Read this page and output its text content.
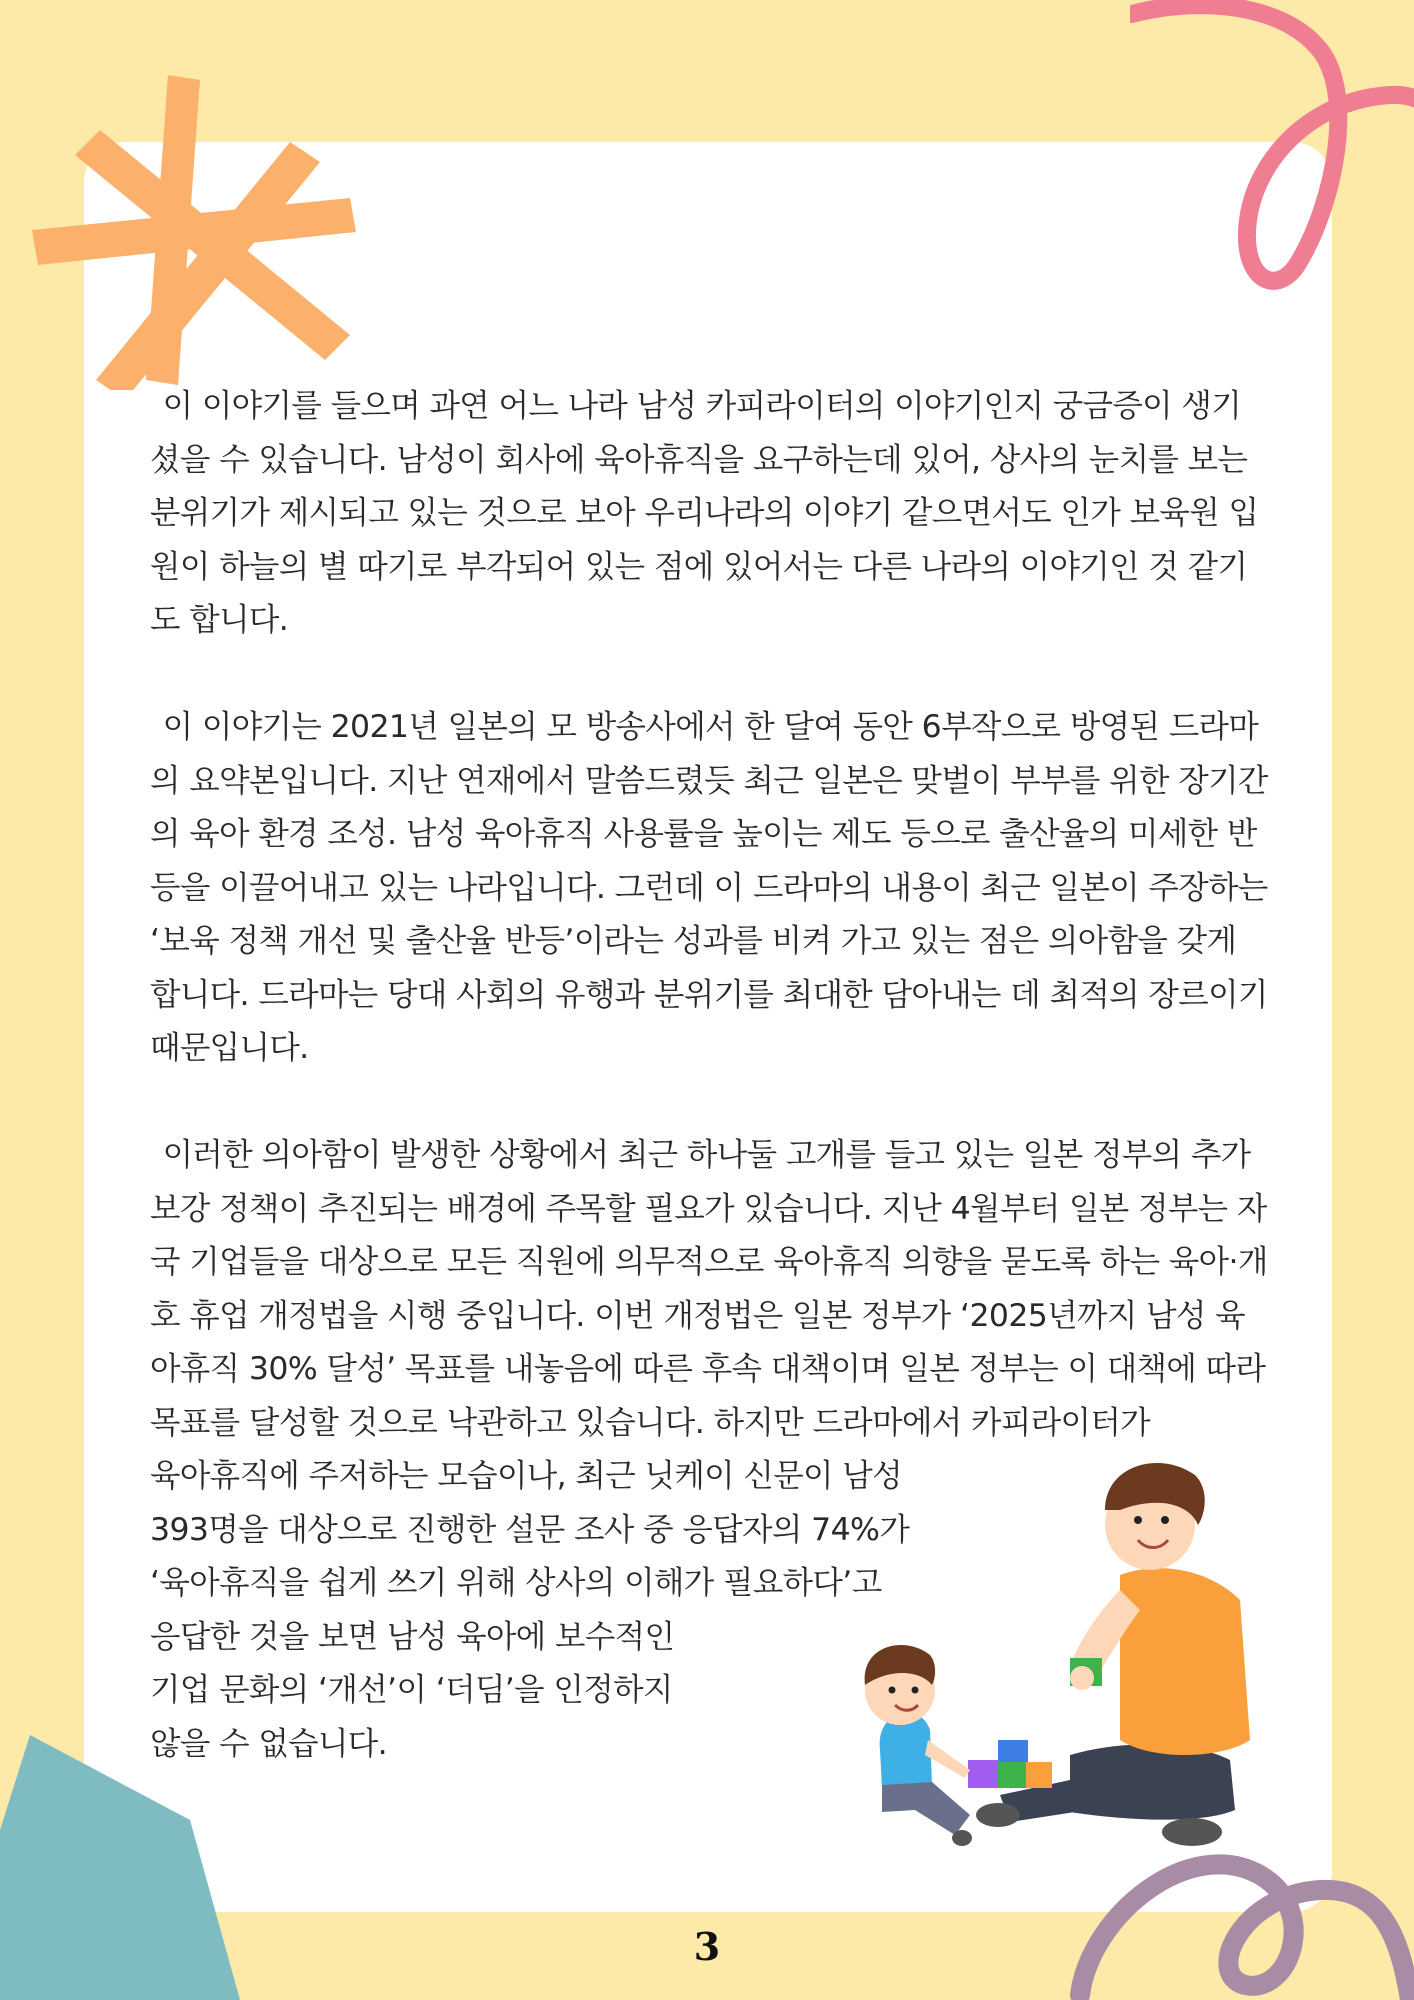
이 이야기를 들으며 과연 어느 나라 남성 카피라이터의 이야기인지 궁금증이 생기셨을 수 있습니다. 남성이 회사에 육아휴직을 요구하는데 있어, 상사의 눈치를 보는 분위기가 제시되고 있는 것으로 보아 우리나라의 이야기 같으면서도 인가 보육원 입원이 하늘의 별 따기로 부각되어 있는 점에 있어서는 다른 나라의 이야기인 것 같기도 합니다.

이 이야기는 2021년 일본의 모 방송사에서 한 달여 동안 6부작으로 방영된 드라마의 요약본입니다. 지난 연재에서 말씀드렸듯 최근 일본은 맞벌이 부부를 위한 장기간의 육아 환경 조성. 남성 육아휴직 사용률을 높이는 제도 등으로 출산율의 미세한 반등을 이끌어내고 있는 나라입니다. 그런데 이 드라마의 내용이 최근 일본이 주장하는 ‘보육 정책 개선 및 출산율 반등’이라는 성과를 비켜 가고 있는 점은 의아함을 갖게 합니다. 드라마는 당대 사회의 유행과 분위기를 최대한 담아내는 데 최적의 장르이기 때문입니다.

이러한 의아함이 발생한 상황에서 최근 하나둘 고개를 들고 있는 일본 정부의 추가 보강 정책이 추진되는 배경에 주목할 필요가 있습니다. 지난 4월부터 일본 정부는 자국 기업들을 대상으로 모든 직원에 의무적으로 육아휴직 의향을 묻도록 하는 육아·개호 휴업 개정법을 시행 중입니다. 이번 개정법은 일본 정부가 ‘2025년까지 남성 육아휴직 30% 달성’ 목표를 내놓음에 따른 후속 대책이며 일본 정부는 이 대책에 따라 목표를 달성할 것으로 낙관하고 있습니다. 하지만 드라마에서 카피라이터가

육아휴직에 주저하는 모습이나, 최근 닛케이 신문이 남성
393명을 대상으로 진행한 설문 조사 중 응답자의 74%가
‘육아휴직을 쉽게 쓰기 위해 상사의 이해가 필요하다’고
응답한 것을 보면 남성 육아에 보수적인
기업 문화의 ‘개선’이 ‘더딤’을 인정하지
않을 수 없습니다.
3
